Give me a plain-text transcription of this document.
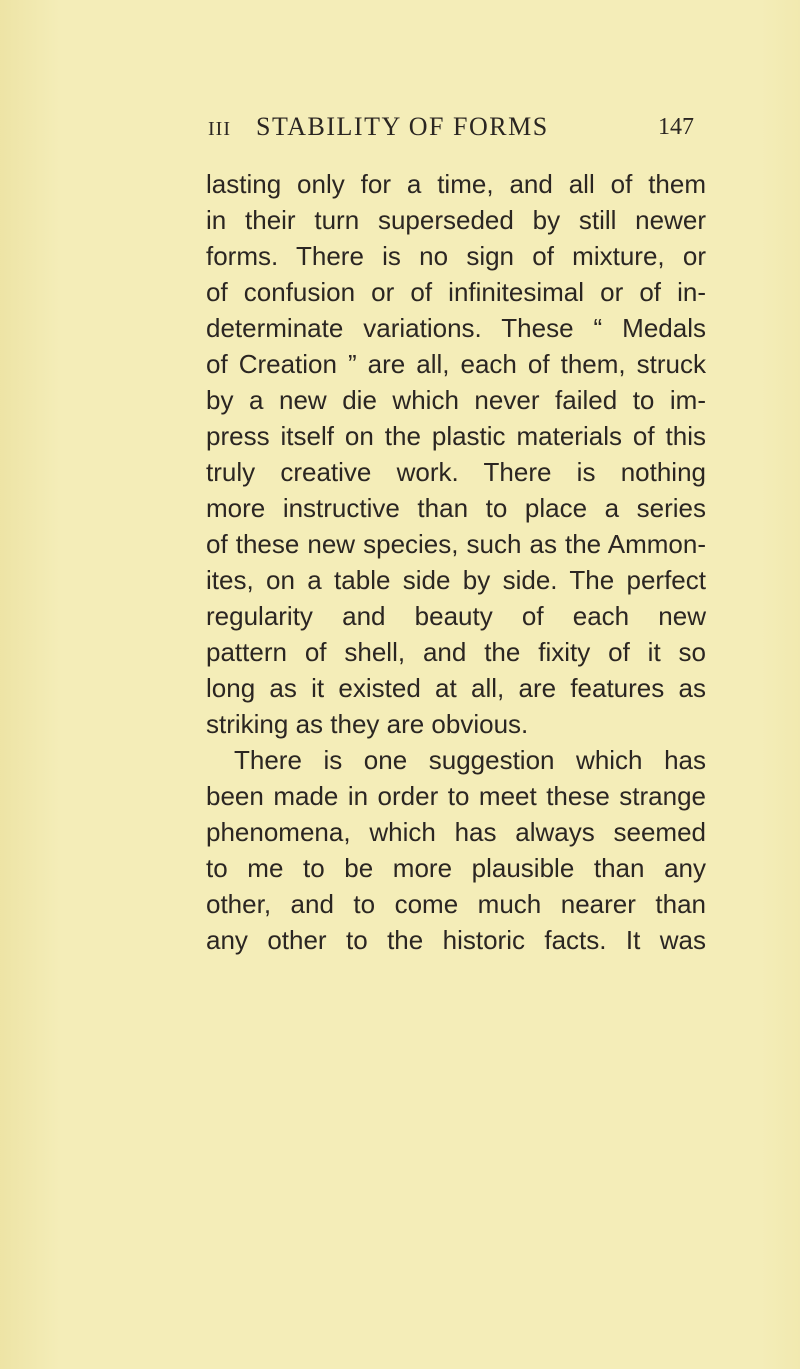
III STABILITY OF FORMS	147
lasting only for a time, and all of them
in their turn superseded by still newer
forms. There is no sign of mixture, or
of confusion or of infinitesimal or of in-
determinate variations. These “ Medals
of Creation ” are all, each of them, struck
by a new die which never failed to im-
press itself on the plastic materials of this
truly creative work. There is nothing
more instructive than to place a series
of these new species, such as the Ammon-
ites, on a table side by side. The perfect
regularity and beauty of each new
pattern of shell, and the fixity of it so
long as it existed at all, are features as
striking as they are obvious.
There is one suggestion which has
been made in order to meet these strange
phenomena, which has always seemed
to me to be more plausible than any
other, and to come much nearer than
any other to the historic facts. It was
